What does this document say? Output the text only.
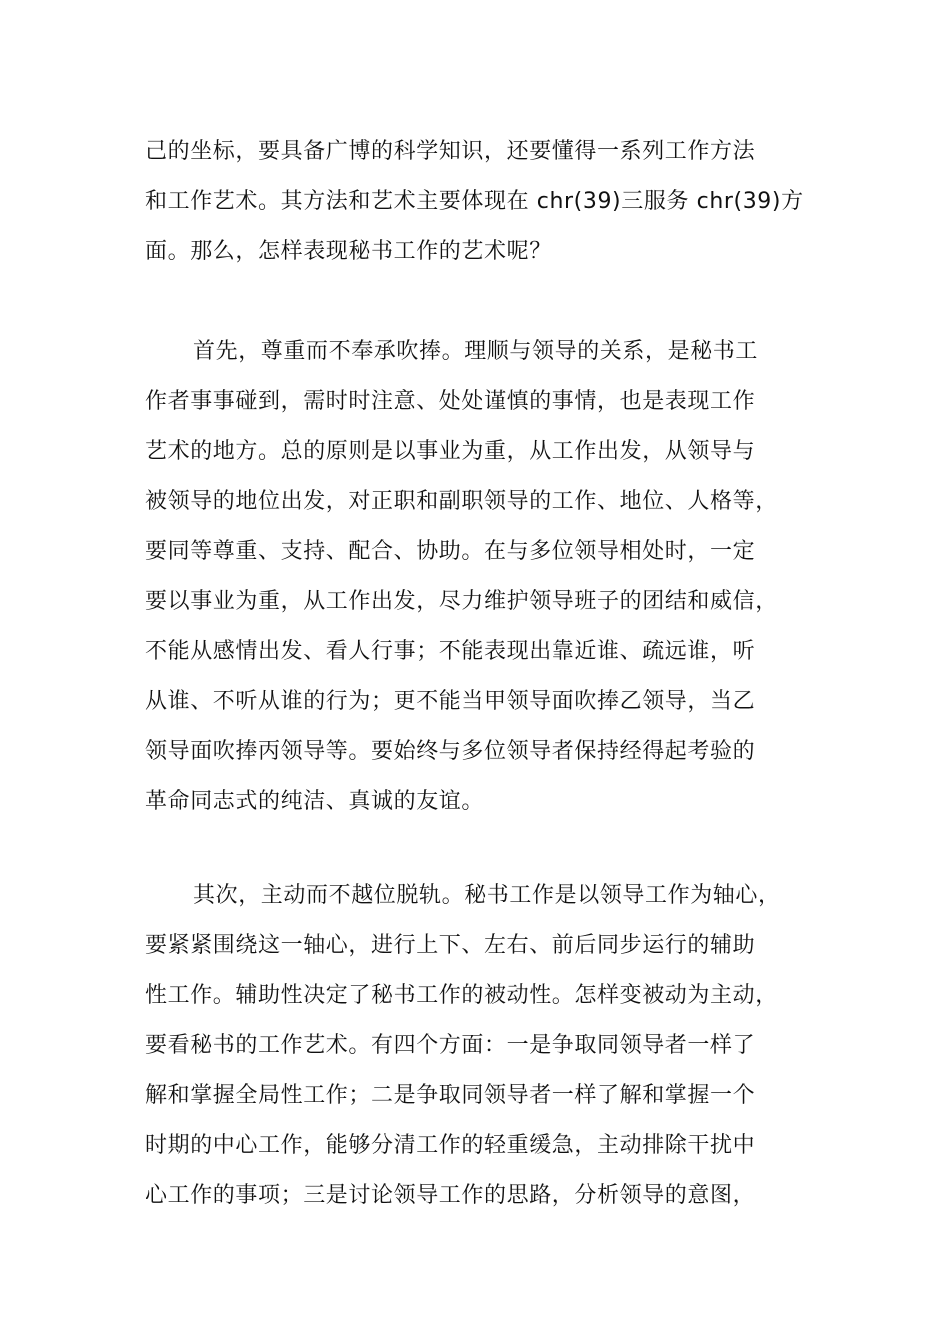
己的坐标，要具备广博的科学知识，还要懂得一系列工作方法
和工作艺术。其方法和艺术主要体现在 chr(39)三服务 chr(39)方
面。那么，怎样表现秘书工作的艺术呢？
首先，尊重而不奉承吹捧。理顺与领导的关系，是秘书工
作者事事碰到，需时时注意、处处谨慎的事情，也是表现工作
艺术的地方。总的原则是以事业为重，从工作出发，从领导与
被领导的地位出发，对正职和副职领导的工作、地位、人格等，
要同等尊重、支持、配合、协助。在与多位领导相处时，一定
要以事业为重，从工作出发，尽力维护领导班子的团结和威信，
不能从感情出发、看人行事；不能表现出靠近谁、疏远谁，听
从谁、不听从谁的行为；更不能当甲领导面吹捧乙领导，当乙
领导面吹捧丙领导等。要始终与多位领导者保持经得起考验的
革命同志式的纯洁、真诚的友谊。
其次，主动而不越位脱轨。秘书工作是以领导工作为轴心，
要紧紧围绕这一轴心，进行上下、左右、前后同步运行的辅助
性工作。辅助性决定了秘书工作的被动性。怎样变被动为主动，
要看秘书的工作艺术。有四个方面：一是争取同领导者一样了
解和掌握全局性工作；二是争取同领导者一样了解和掌握一个
时期的中心工作，能够分清工作的轻重缓急，主动排除干扰中
心工作的事项；三是讨论领导工作的思路，分析领导的意图，
